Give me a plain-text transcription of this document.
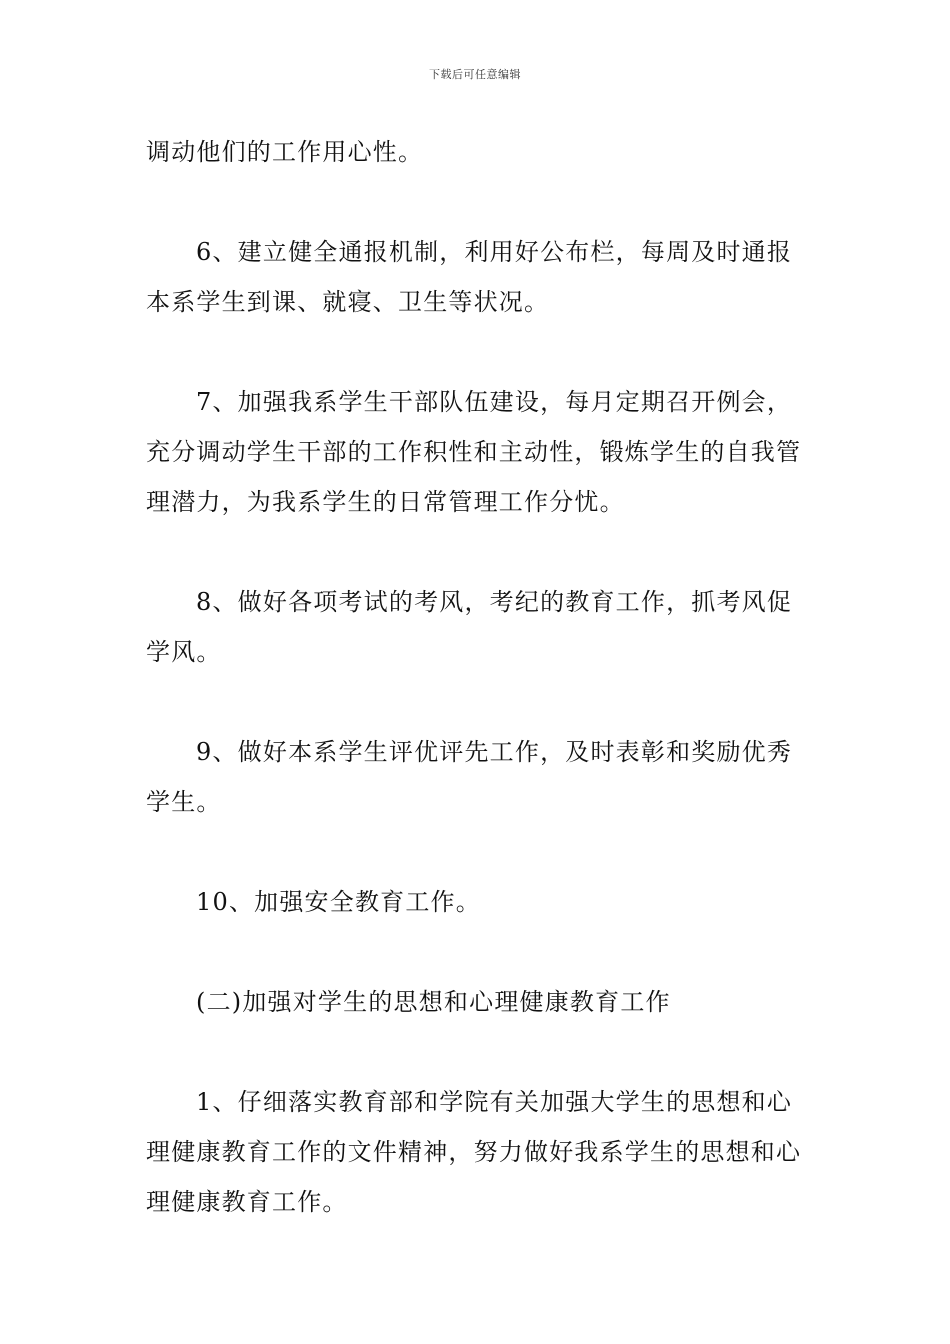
下载后可任意编辑

调动他们的工作用心性。

6、建立健全通报机制，利用好公布栏，每周及时通报本系学生到课、就寝、卫生等状况。

7、加强我系学生干部队伍建设，每月定期召开例会，充分调动学生干部的工作积性和主动性，锻炼学生的自我管理潜力，为我系学生的日常管理工作分忧。

8、做好各项考试的考风，考纪的教育工作，抓考风促学风。

9、做好本系学生评优评先工作，及时表彰和奖励优秀学生。

10、加强安全教育工作。

(二)加强对学生的思想和心理健康教育工作

1、仔细落实教育部和学院有关加强大学生的思想和心理健康教育工作的文件精神，努力做好我系学生的思想和心理健康教育工作。
